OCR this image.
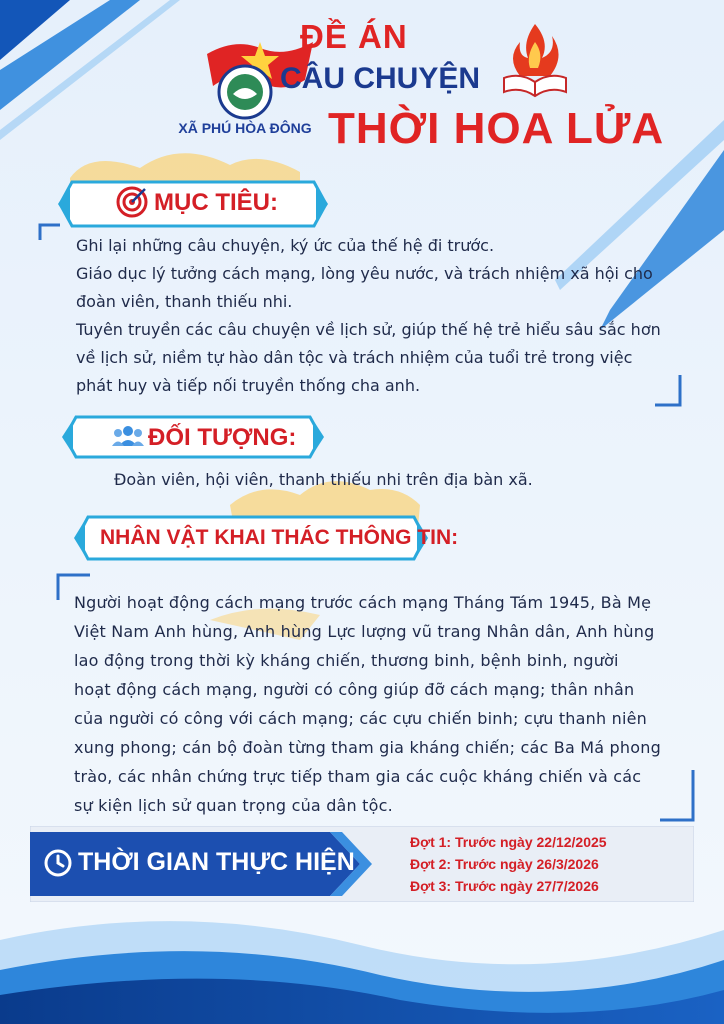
XÃ PHÚ HÒA ĐÔNG
ĐỀ ÁN
CÂU CHUYỆN
THỜI HOA LỬA
MỤC TIÊU:

Ghi lại những câu chuyện, ký ức của thế hệ đi trước.

Giáo dục lý tưởng cách mạng, lòng yêu nước, và trách nhiệm xã hội cho

đoàn viên, thanh thiếu nhi.

Tuyên truyền các câu chuyện về lịch sử, giúp thế hệ trẻ hiểu sâu sắc hơn

về lịch sử, niềm tự hào dân tộc và trách nhiệm của tuổi trẻ trong việc

phát huy và tiếp nối truyền thống cha anh.

ĐỐI TƯỢNG:
Đoàn viên, hội viên, thanh thiếu nhi trên địa bàn xã.
NHÂN VẬT KHAI THÁC THÔNG TIN:

Người hoạt động cách mạng trước cách mạng Tháng Tám 1945, Bà Mẹ

Việt Nam Anh hùng, Anh hùng Lực lượng vũ trang Nhân dân, Anh hùng

lao động trong thời kỳ kháng chiến, thương binh, bệnh binh, người

hoạt động cách mạng, người có công giúp đỡ cách mạng; thân nhân

của người có công với cách mạng; các cựu chiến binh; cựu thanh niên

xung phong; cán bộ đoàn từng tham gia kháng chiến; các Ba Má phong

trào, các nhân chứng trực tiếp tham gia các cuộc kháng chiến và các

sự kiện lịch sử quan trọng của dân tộc.

THỜI GIAN THỰC HIỆN
Đợt 1: Trước ngày 22/12/2025
Đợt 2: Trước ngày 26/3/2026
Đợt 3: Trước ngày 27/7/2026
